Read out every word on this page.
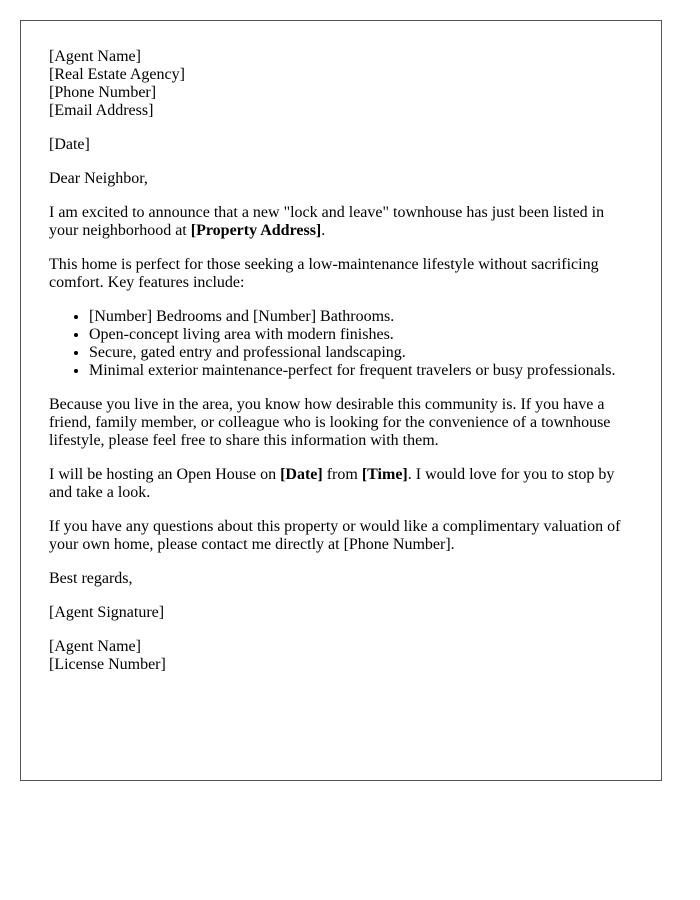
[Agent Name]
[Real Estate Agency]
[Phone Number]
[Email Address]

[Date]

Dear Neighbor,

I am excited to announce that a new "lock and leave" townhouse has just been listed in your neighborhood at [Property Address].

This home is perfect for those seeking a low-maintenance lifestyle without sacrificing comfort. Key features include:

• [Number] Bedrooms and [Number] Bathrooms.
• Open-concept living area with modern finishes.
• Secure, gated entry and professional landscaping.
• Minimal exterior maintenance-perfect for frequent travelers or busy professionals.

Because you live in the area, you know how desirable this community is. If you have a friend, family member, or colleague who is looking for the convenience of a townhouse lifestyle, please feel free to share this information with them.

I will be hosting an Open House on [Date] from [Time]. I would love for you to stop by and take a look.

If you have any questions about this property or would like a complimentary valuation of your own home, please contact me directly at [Phone Number].

Best regards,

[Agent Signature]

[Agent Name]
[License Number]
